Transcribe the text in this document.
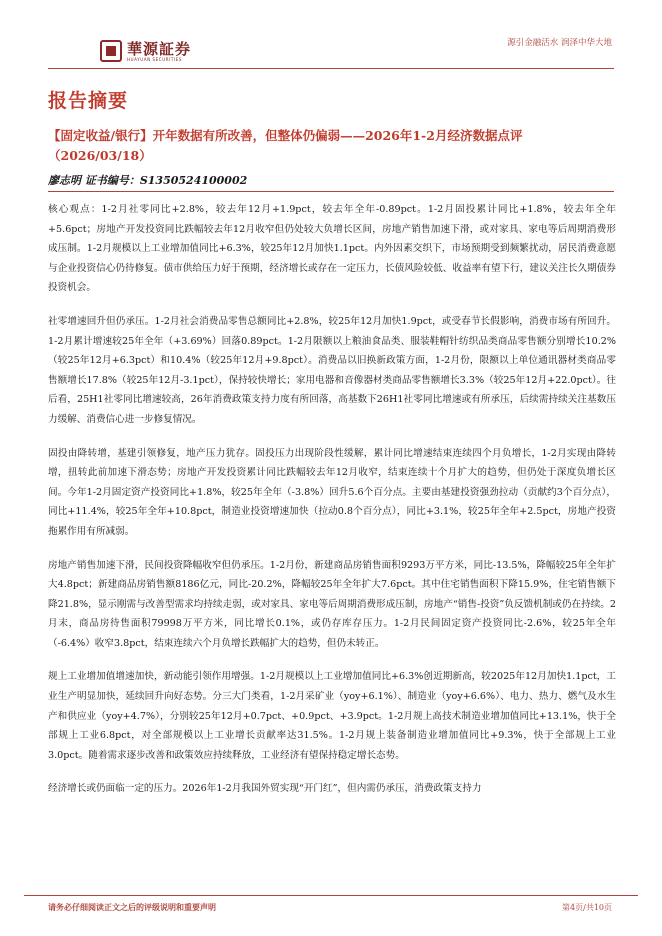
華源証券
HUAYUAN SECURITIES
源引金融活水 润泽中华大地
报告摘要
【固定收益/银行】开年数据有所改善，但整体仍偏弱——2026年1-2月经济数据点评（2026/03/18）
廖志明 证书编号：S1350524100002

核心观点：1-2月社零同比+2.8%，较去年12月+1.9pct，较去年全年-0.89pct。1-2月固投累计同比+1.8%，较去年全年+5.6pct；房地产开发投资同比跌幅较去年12月收窄但仍处较大负增长区间，房地产销售加速下滑，或对家具、家电等后周期消费形成压制。1-2月规模以上工业增加值同比+6.3%，较25年12月加快1.1pct。内外因素交织下，市场预期受到频繁扰动，居民消费意愿与企业投资信心仍待修复。债市供给压力好于预期，经济增长或存在一定压力，长债风险较低、收益率有望下行，建议关注长久期债券投资机会。

社零增速回升但仍承压。1-2月社会消费品零售总额同比+2.8%，较25年12月加快1.9pct，或受春节长假影响，消费市场有所回升。1-2月累计增速较25年全年（+3.69%）回落0.89pct。1-2月限额以上粮油食品类、服装鞋帽针纺织品类商品零售额分别增长10.2%（较25年12月+6.3pct）和10.4%（较25年12月+9.8pct）。消费品以旧换新政策方面，1-2月份，限额以上单位通讯器材类商品零售额增长17.8%（较25年12月-3.1pct），保持较快增长；家用电器和音像器材类商品零售额增长3.3%（较25年12月+22.0pct）。往后看，25H1社零同比增速较高，26年消费政策支持力度有所回落，高基数下26H1社零同比增速或有所承压，后续需持续关注基数压力缓解、消费信心进一步修复情况。

固投由降转增，基建引领修复，地产压力犹存。固投压力出现阶段性缓解，累计同比增速结束连续四个月负增长，1-2月实现由降转增，扭转此前加速下滑态势；房地产开发投资累计同比跌幅较去年12月收窄，结束连续十个月扩大的趋势，但仍处于深度负增长区间。今年1-2月固定资产投资同比+1.8%，较25年全年（-3.8%）回升5.6个百分点。主要由基建投资强劲拉动（贡献约3个百分点），同比+11.4%，较25年全年+10.8pct，制造业投资增速加快（拉动0.8个百分点），同比+3.1%，较25年全年+2.5pct，房地产投资拖累作用有所减弱。

房地产销售加速下滑，民间投资降幅收窄但仍承压。1-2月份，新建商品房销售面积9293万平方米，同比-13.5%，降幅较25年全年扩大4.8pct；新建商品房销售额8186亿元，同比-20.2%，降幅较25年全年扩大7.6pct。其中住宅销售面积下降15.9%，住宅销售额下降21.8%，显示刚需与改善型需求均持续走弱，或对家具、家电等后周期消费形成压制，房地产“销售-投资”负反馈机制或仍在持续。2月末，商品房待售面积79998万平方米，同比增长0.1%，或仍存库存压力。1-2月民间固定资产投资同比-2.6%，较25年全年（-6.4%）收窄3.8pct，结束连续六个月负增长跌幅扩大的趋势，但仍未转正。

规上工业增加值增速加快，新动能引领作用增强。1-2月规模以上工业增加值同比+6.3%创近期新高，较2025年12月加快1.1pct，工业生产明显加快，延续回升向好态势。分三大门类看，1-2月采矿业（yoy+6.1%）、制造业（yoy+6.6%）、电力、热力、燃气及水生产和供应业（yoy+4.7%），分别较25年12月+0.7pct、+0.9pct、+3.9pct。1-2月规上高技术制造业增加值同比+13.1%，快于全部规上工业6.8pct，对全部规模以上工业增长贡献率达31.5%。1-2月规上装备制造业增加值同比+9.3%，快于全部规上工业3.0pct。随着需求逐步改善和政策效应持续释放，工业经济有望保持稳定增长态势。

经济增长或仍面临一定的压力。2026年1-2月我国外贸实现“开门红”，但内需仍承压，消费政策支持力

请务必仔细阅读正文之后的评级说明和重要声明	第4页/共10页
